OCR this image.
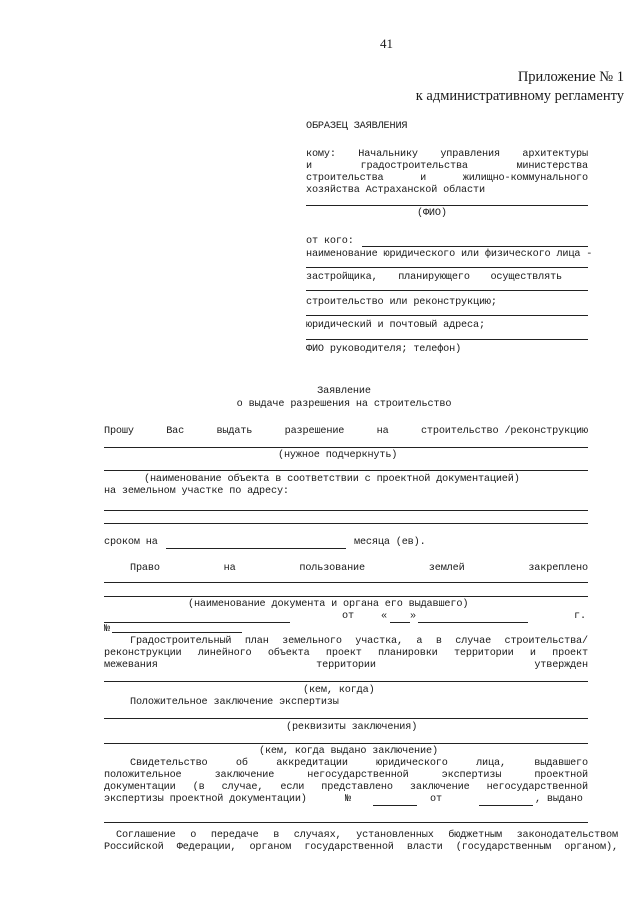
41
Приложение № 1
к административному регламенту
ОБРАЗЕЦ ЗАЯВЛЕНИЯ
кому: Начальнику управления архитектуры
и	градостроительства	министерства
строительства	и	жилищно-коммунального
хозяйства Астраханской области
(ФИО)
от кого:
наименование юридического или физического лица -
застройщика, планирующего осуществлять
строительство или реконструкцию;
юридический и почтовый адреса;
ФИО руководителя; телефон)
Заявление
о выдаче разрешения на строительство
Прошу	Вас	выдать	разрешение	на	строительство /реконструкцию
(нужное подчеркнуть)
(наименование объекта в соответствии с проектной документацией)
на земельном участке по адресу:
сроком на	месяца (ев).
Право	на	пользование	землей	закреплено
(наименование документа и органа его выдавшего)
от	« »	г.
№
Градостроительный план земельного участка, а в случае строительства/
реконструкции линейного объекта проект планировки территории и проект
межевания	территории	утвержден
(кем, когда)
Положительное заключение экспертизы
(реквизиты заключения)
(кем, когда выдано заключение)
Свидетельство	об	аккредитации	юридического	лица,	выдавшего
положительное	заключение	негосударственной	экспертизы	проектной
документации (в случае, если представлено заключение негосударственной
экспертизы проектной документации)	№	от	, выдано
Соглашение о передаче в случаях, установленных бюджетным законодательством
Российской Федерации, органом государственной власти (государственным органом),
